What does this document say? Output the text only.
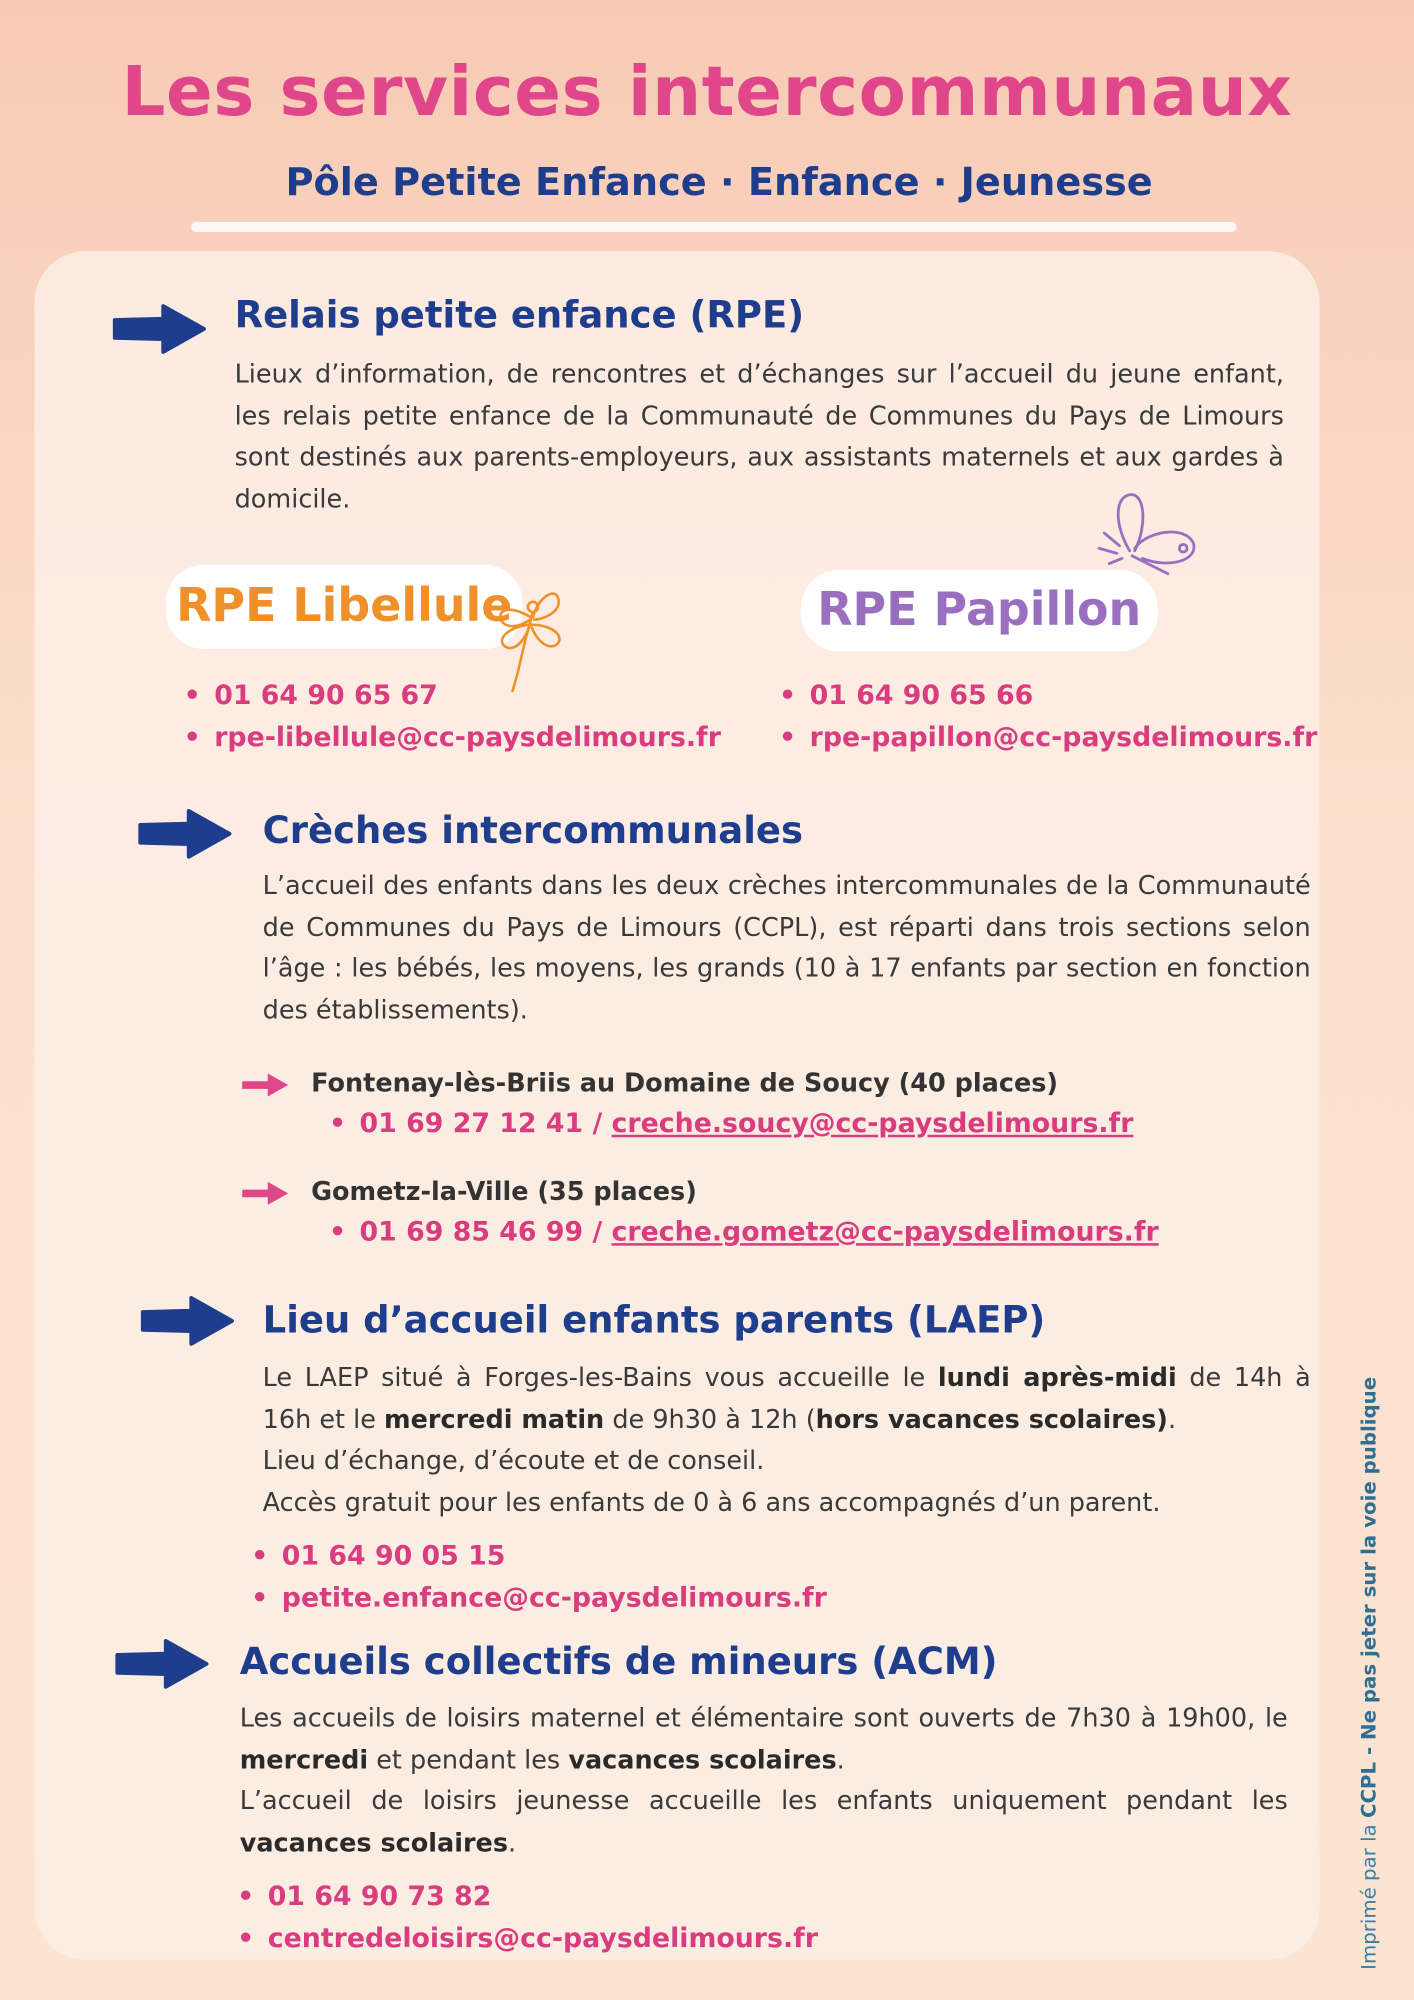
Les services intercommunaux
Pôle Petite Enfance · Enfance · Jeunesse
Relais petite enfance (RPE)
Lieux d’information, de rencontres et d’échanges sur l’accueil du jeune enfant, les relais petite enfance de la Communauté de Communes du Pays de Limours sont destinés aux parents-employeurs, aux assistants maternels et aux gardes à domicile.
RPE Libellule	RPE Papillon
• 01 64 90 65 67
• rpe-libellule@cc-paysdelimours.fr
• 01 64 90 65 66
• rpe-papillon@cc-paysdelimours.fr
Crèches intercommunales
L’accueil des enfants dans les deux crèches intercommunales de la Communauté de Communes du Pays de Limours (CCPL), est réparti dans trois sections selon l’âge : les bébés, les moyens, les grands (10 à 17 enfants par section en fonction des établissements).
Fontenay-lès-Briis au Domaine de Soucy (40 places)
• 01 69 27 12 41 / creche.soucy@cc-paysdelimours.fr
Gometz-la-Ville (35 places)
• 01 69 85 46 99 / creche.gometz@cc-paysdelimours.fr
Lieu d’accueil enfants parents (LAEP)

Le LAEP situé à Forges-les-Bains vous accueille le lundi après-midi de 14h à 16h et le mercredi matin de 9h30 à 12h (hors vacances scolaires).

Lieu d’échange, d’écoute et de conseil.

Accès gratuit pour les enfants de 0 à 6 ans accompagnés d’un parent.

• 01 64 90 05 15
• petite.enfance@cc-paysdelimours.fr
Accueils collectifs de mineurs (ACM)

Les accueils de loisirs maternel et élémentaire sont ouverts de 7h30 à 19h00, le mercredi et pendant les vacances scolaires.

L’accueil de loisirs jeunesse accueille les enfants uniquement pendant les vacances scolaires.

• 01 64 90 73 82
• centredeloisirs@cc-paysdelimours.fr	Imprimé par la CCPL - Ne pas jeter sur la voie publique
